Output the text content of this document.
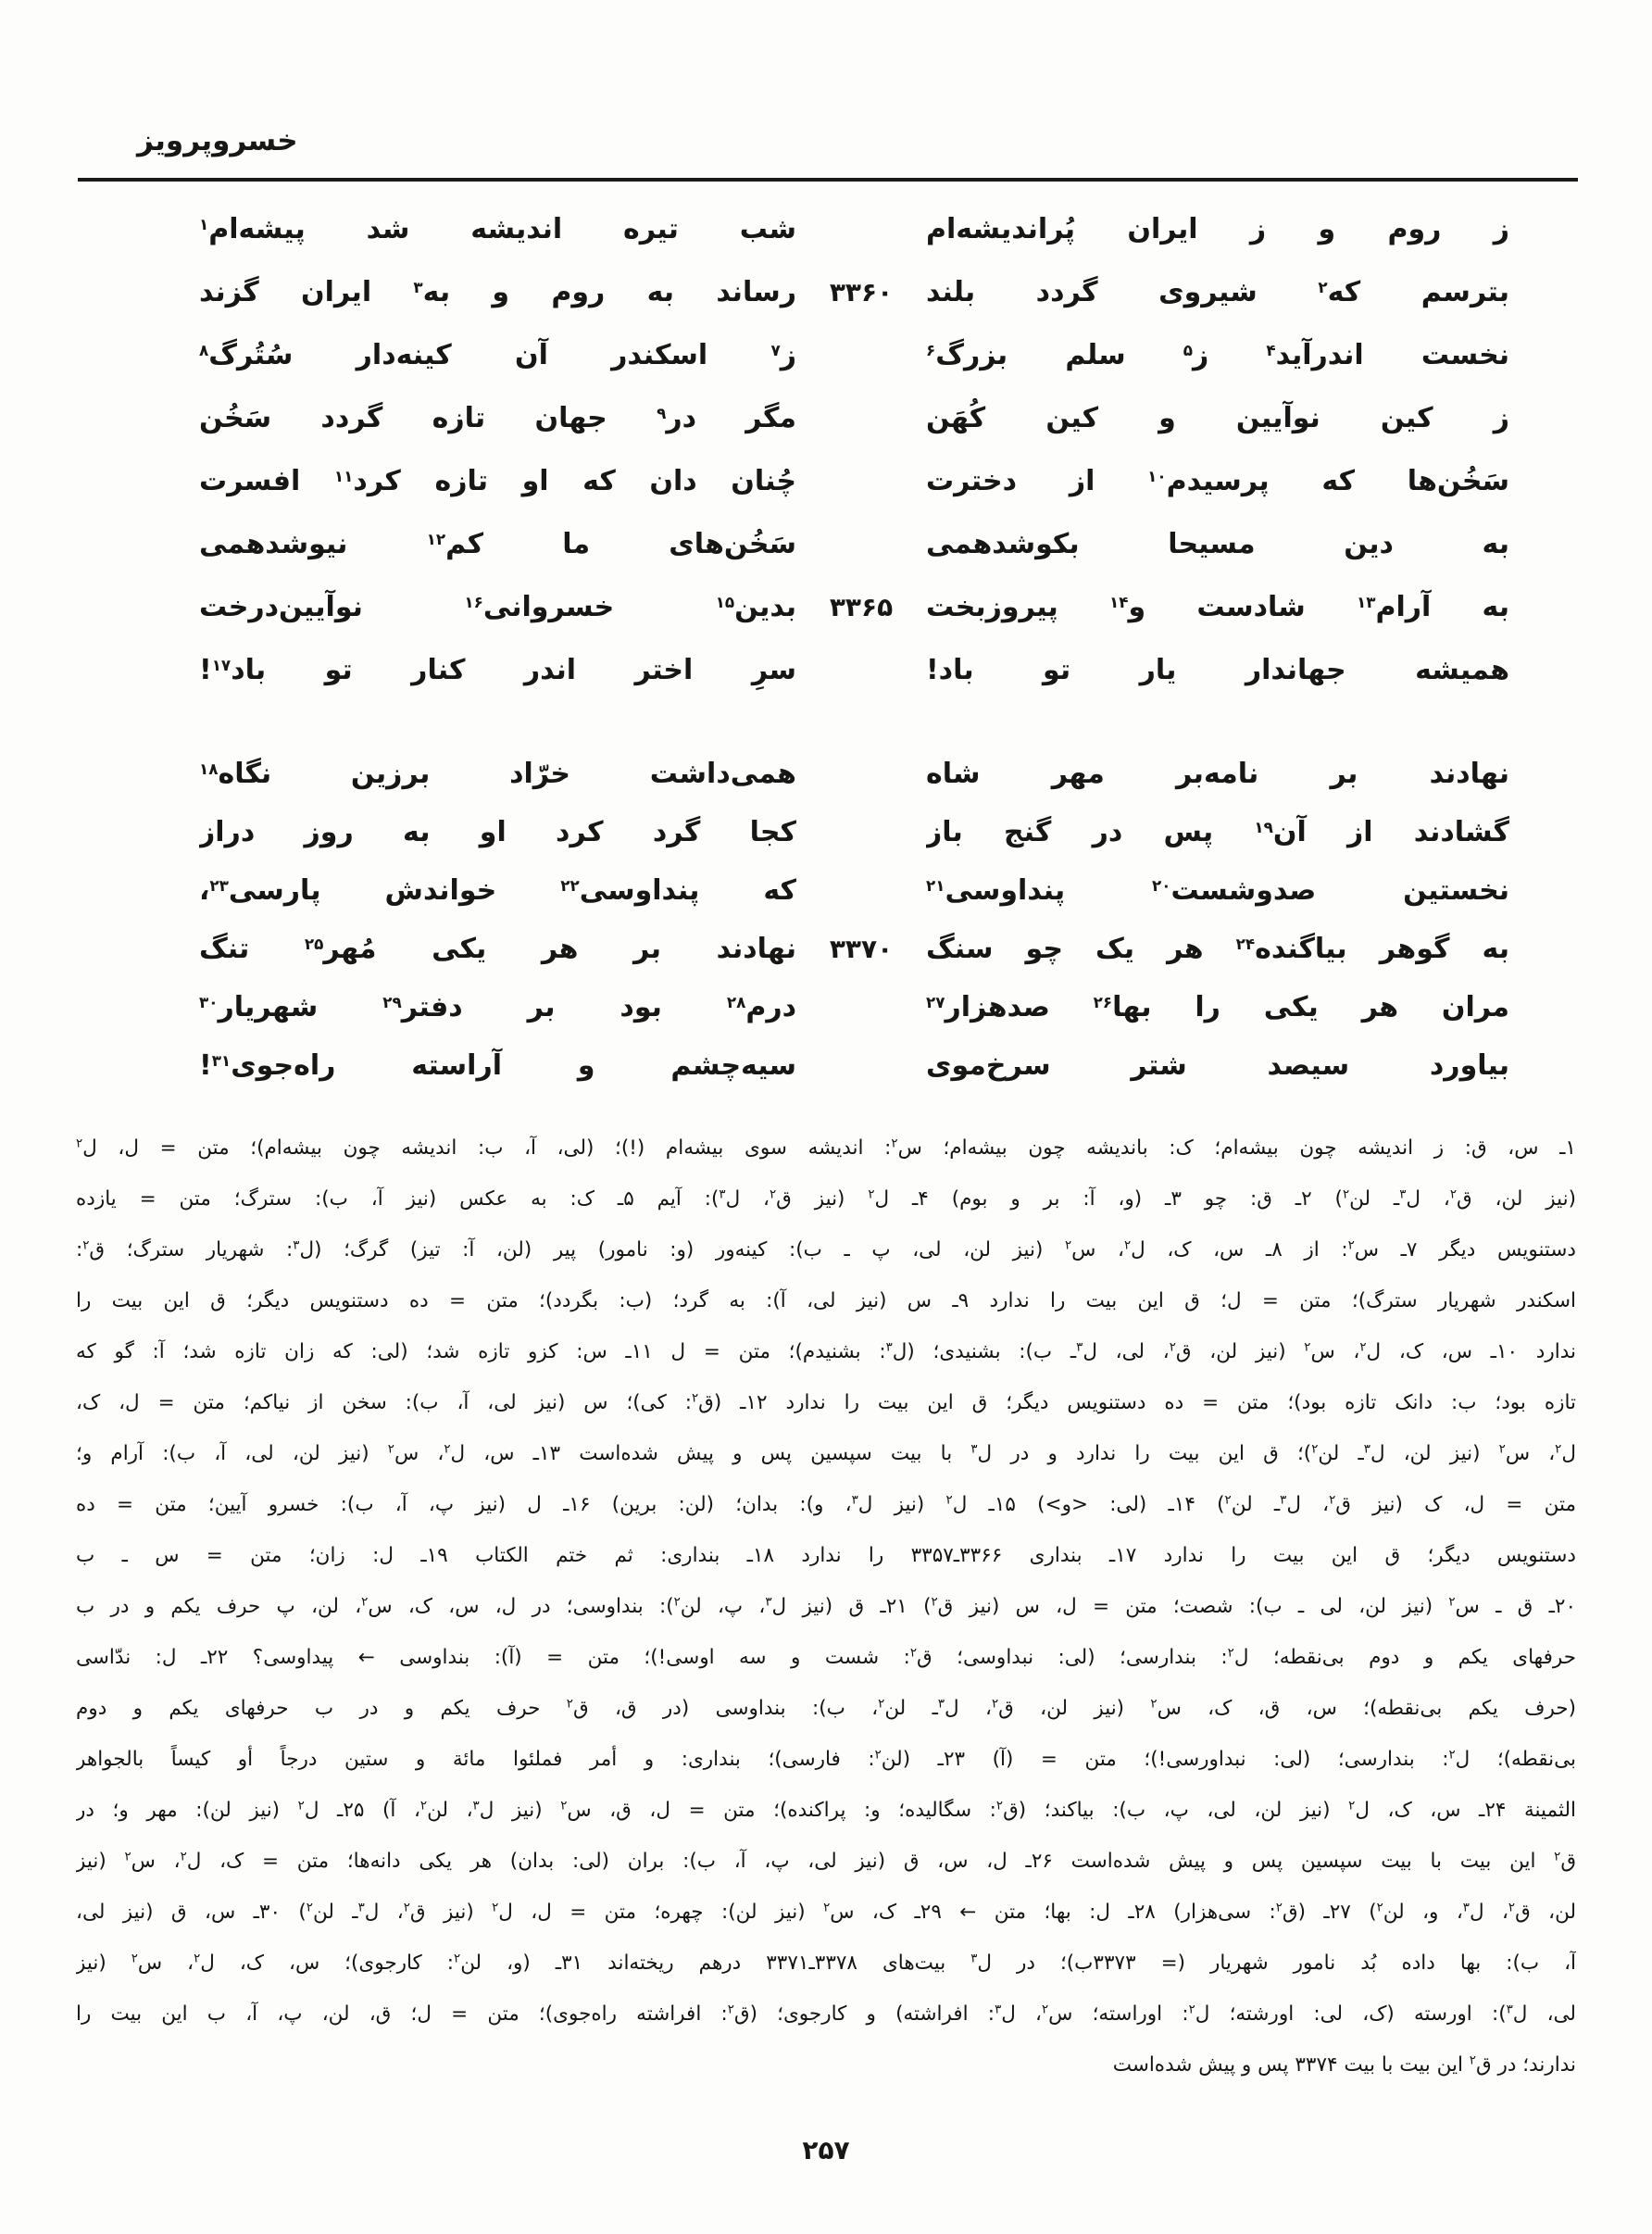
خسروپرویز
ز روم و ز ایران پُراندیشه‌ام
شب تیره اندیشه شد پیشه‌ام$^۱$
بترسم که$^۲$ شیروی گردد بلند
۳۳۶۰
رساند به روم و به$^۳$ ایران گزند
نخست اندرآید$^۴$ ز$^۵$ سلم بزرگ$^۶$
ز$^۷$ اسکندر آن کینه‌دار سُتُرگ$^۸$
ز کین نوآیین و کین کُهَن
مگر در$^۹$ جهان تازه گردد سَخُن
سَخُن‌ها که پرسیدم$^{۱۰}$ از دخترت
چُنان دان که او تازه کرد$^{۱۱}$ افسرت
به دین مسیحا بکوشدهمی
سَخُن‌های ما کم$^{۱۲}$ نیوشدهمی
به آرام$^{۱۳}$ شادست و$^{۱۴}$ پیروزبخت
۳۳۶۵
بدین$^{۱۵}$ خسروانی$^{۱۶}$ نوآیین‌درخت
همیشه جهاندار یار تو باد!
سرِ اختر اندر کنار تو باد$^{۱۷}$!
نهادند بر نامه‌بر مهر شاه
همی‌داشت خرّاد برزین نگاه$^{۱۸}$
گشادند از آن$^{۱۹}$ پس در گنج باز
کجا گرد کرد او به روز دراز
نخستین صدوشست$^{۲۰}$ پنداوسی$^{۲۱}$
که پنداوسی$^{۲۲}$ خواندش پارسی$^{۲۳}$،
به گوهر بیاگنده$^{۲۴}$ هر یک چو سنگ
۳۳۷۰
نهادند بر هر یکی مُهر$^{۲۵}$ تنگ
مران هر یکی را بها$^{۲۶}$ صدهزار$^{۲۷}$
درم$^{۲۸}$ بود بر دفتر$^{۲۹}$ شهریار$^{۳۰}$
بیاورد سیصد شتر سرخ‌موی
سیه‌چشم و آراسته راه‌جوی$^{۳۱}$!
۱ـ س، ق: ز اندیشه چون بیشه‌ام؛ ک: باندیشه چون بیشه‌ام؛ س$^۲$: اندیشه سوی بیشه‌ام (!)؛ (لی، آ، ب: اندیشه چون بیشه‌ام)؛ متن = ل، ل$^۲$
(نیز لن، ق$^۲$، ل$^۳$ـ لن$^۲$) ۲ـ ق: چو ۳ـ (و، آ: بر و بوم) ۴ـ ل$^۲$ (نیز ق$^۲$، ل$^۳$): آیم ۵ـ ک: به عکس (نیز آ، ب): سترگ؛ متن = یازده
دستنویس دیگر ۷ـ س$^۲$: از ۸ـ س، ک، ل$^۲$، س$^۲$ (نیز لن، لی، پ ـ ب): کینه‌ور (و: نامور) پیر (لن، آ: تیز) گرگ؛ (ل$^۳$: شهریار سترگ؛ ق$^۲$:
اسکندر شهریار سترگ)؛ متن = ل؛ ق این بیت را ندارد ۹ـ س (نیز لی، آ): به گرد؛ (ب: بگردد)؛ متن = ده دستنویس دیگر؛ ق این بیت را
ندارد ۱۰ـ س، ک، ل$^۲$، س$^۲$ (نیز لن، ق$^۲$، لی، ل$^۳$ـ ب): بشنیدی؛ (ل$^۳$: بشنیدم)؛ متن = ل ۱۱ـ س: کزو تازه شد؛ (لی: که زان تازه شد؛ آ: گو که
تازه بود؛ ب: دانک تازه بود)؛ متن = ده دستنویس دیگر؛ ق این بیت را ندارد ۱۲ـ (ق$^۲$: کی)؛ س (نیز لی، آ، ب): سخن از نیاکم؛ متن = ل، ک،
ل$^۲$، س$^۲$ (نیز لن، ل$^۳$ـ لن$^۲$)؛ ق این بیت را ندارد و در ل$^۳$ با بیت سپسین پس و پیش شده‌است ۱۳ـ س، ل$^۲$، س$^۲$ (نیز لن، لی، آ، ب): آرام و؛
متن = ل، ک (نیز ق$^۲$، ل$^۳$ـ لن$^۲$) ۱۴ـ (لی: <و>) ۱۵ـ ل$^۲$ (نیز ل$^۳$، و): بدان؛ (لن: برین) ۱۶ـ ل (نیز پ، آ، ب): خسرو آیین؛ متن = ده
دستنویس دیگر؛ ق این بیت را ندارد ۱۷ـ بنداری ۳۳۶۶ـ۳۳۵۷ را ندارد ۱۸ـ بنداری: ثم ختم الکتاب ۱۹ـ ل: زان؛ متن = س ـ ب
۲۰ـ ق ـ س$^۲$ (نیز لن، لی ـ ب): شصت؛ متن = ل، س (نیز ق$^۲$) ۲۱ـ ق (نیز ل$^۳$، پ، لن$^۲$): بنداوسی؛ در ل، س، ک، س$^۲$، لن، پ حرف یکم و در ب
حرفهای یکم و دوم بی‌نقطه؛ ل$^۲$: بندارسی؛ (لی: نبداوسی؛ ق$^۲$: شست و سه اوسی!)؛ متن = (آ): بنداوسی ← پیداوسی؟ ۲۲ـ ل: ندّاسی
(حرف یکم بی‌نقطه)؛ س، ق، ک، س$^۲$ (نیز لن، ق$^۲$، ل$^۳$ـ لن$^۲$، ب): بنداوسی (در ق، ق$^۲$ حرف یکم و در ب حرفهای یکم و دوم
بی‌نقطه)؛ ل$^۲$: بندارسی؛ (لی: نبداورسی!)؛ متن = (آ) ۲۳ـ (لن$^۲$: فارسی)؛ بنداری: و أمر فملئوا مائة و ستین درجاً أو کیساً بالجواهر
الثمینة ۲۴ـ س، ک، ل$^۲$ (نیز لن، لی، پ، ب): بیاکند؛ (ق$^۲$: سگالیده؛ و: پراکنده)؛ متن = ل، ق، س$^۲$ (نیز ل$^۳$، لن$^۲$، آ) ۲۵ـ ل$^۲$ (نیز لن): مهر و؛ در
ق$^۲$ این بیت با بیت سپسین پس و پیش شده‌است ۲۶ـ ل، س، ق (نیز لی، پ، آ، ب): بران (لی: بدان) هر یکی دانه‌ها؛ متن = ک، ل$^۲$، س$^۲$ (نیز
لن، ق$^۲$، ل$^۳$، و، لن$^۲$) ۲۷ـ (ق$^۲$: سی‌هزار) ۲۸ـ ل: بها؛ متن ← ۲۹ـ ک، س$^۲$ (نیز لن): چهره؛ متن = ل، ل$^۲$ (نیز ق$^۲$، ل$^۳$ـ لن$^۲$) ۳۰ـ س، ق (نیز لی،
آ، ب): بها داده بُد نامور شهریار (= ۳۳۷۳ب)؛ در ل$^۳$ بیت‌های ۳۳۷۸ـ۳۳۷۱ درهم ریخته‌اند ۳۱ـ (و، لن$^۲$: کارجوی)؛ س، ک، ل$^۲$، س$^۲$ (نیز
لی، ل$^۳$): اورسته (ک، لی: اورشته؛ ل$^۲$: اوراسته؛ س$^۲$، ل$^۳$: افراشته) و کارجوی؛ (ق$^۲$: افراشته راه‌جوی)؛ متن = ل؛ ق، لن، پ، آ، ب این بیت را
ندارند؛ در ق$^۲$ این بیت با بیت ۳۳۷۴ پس و پیش شده‌است
۲۵۷
